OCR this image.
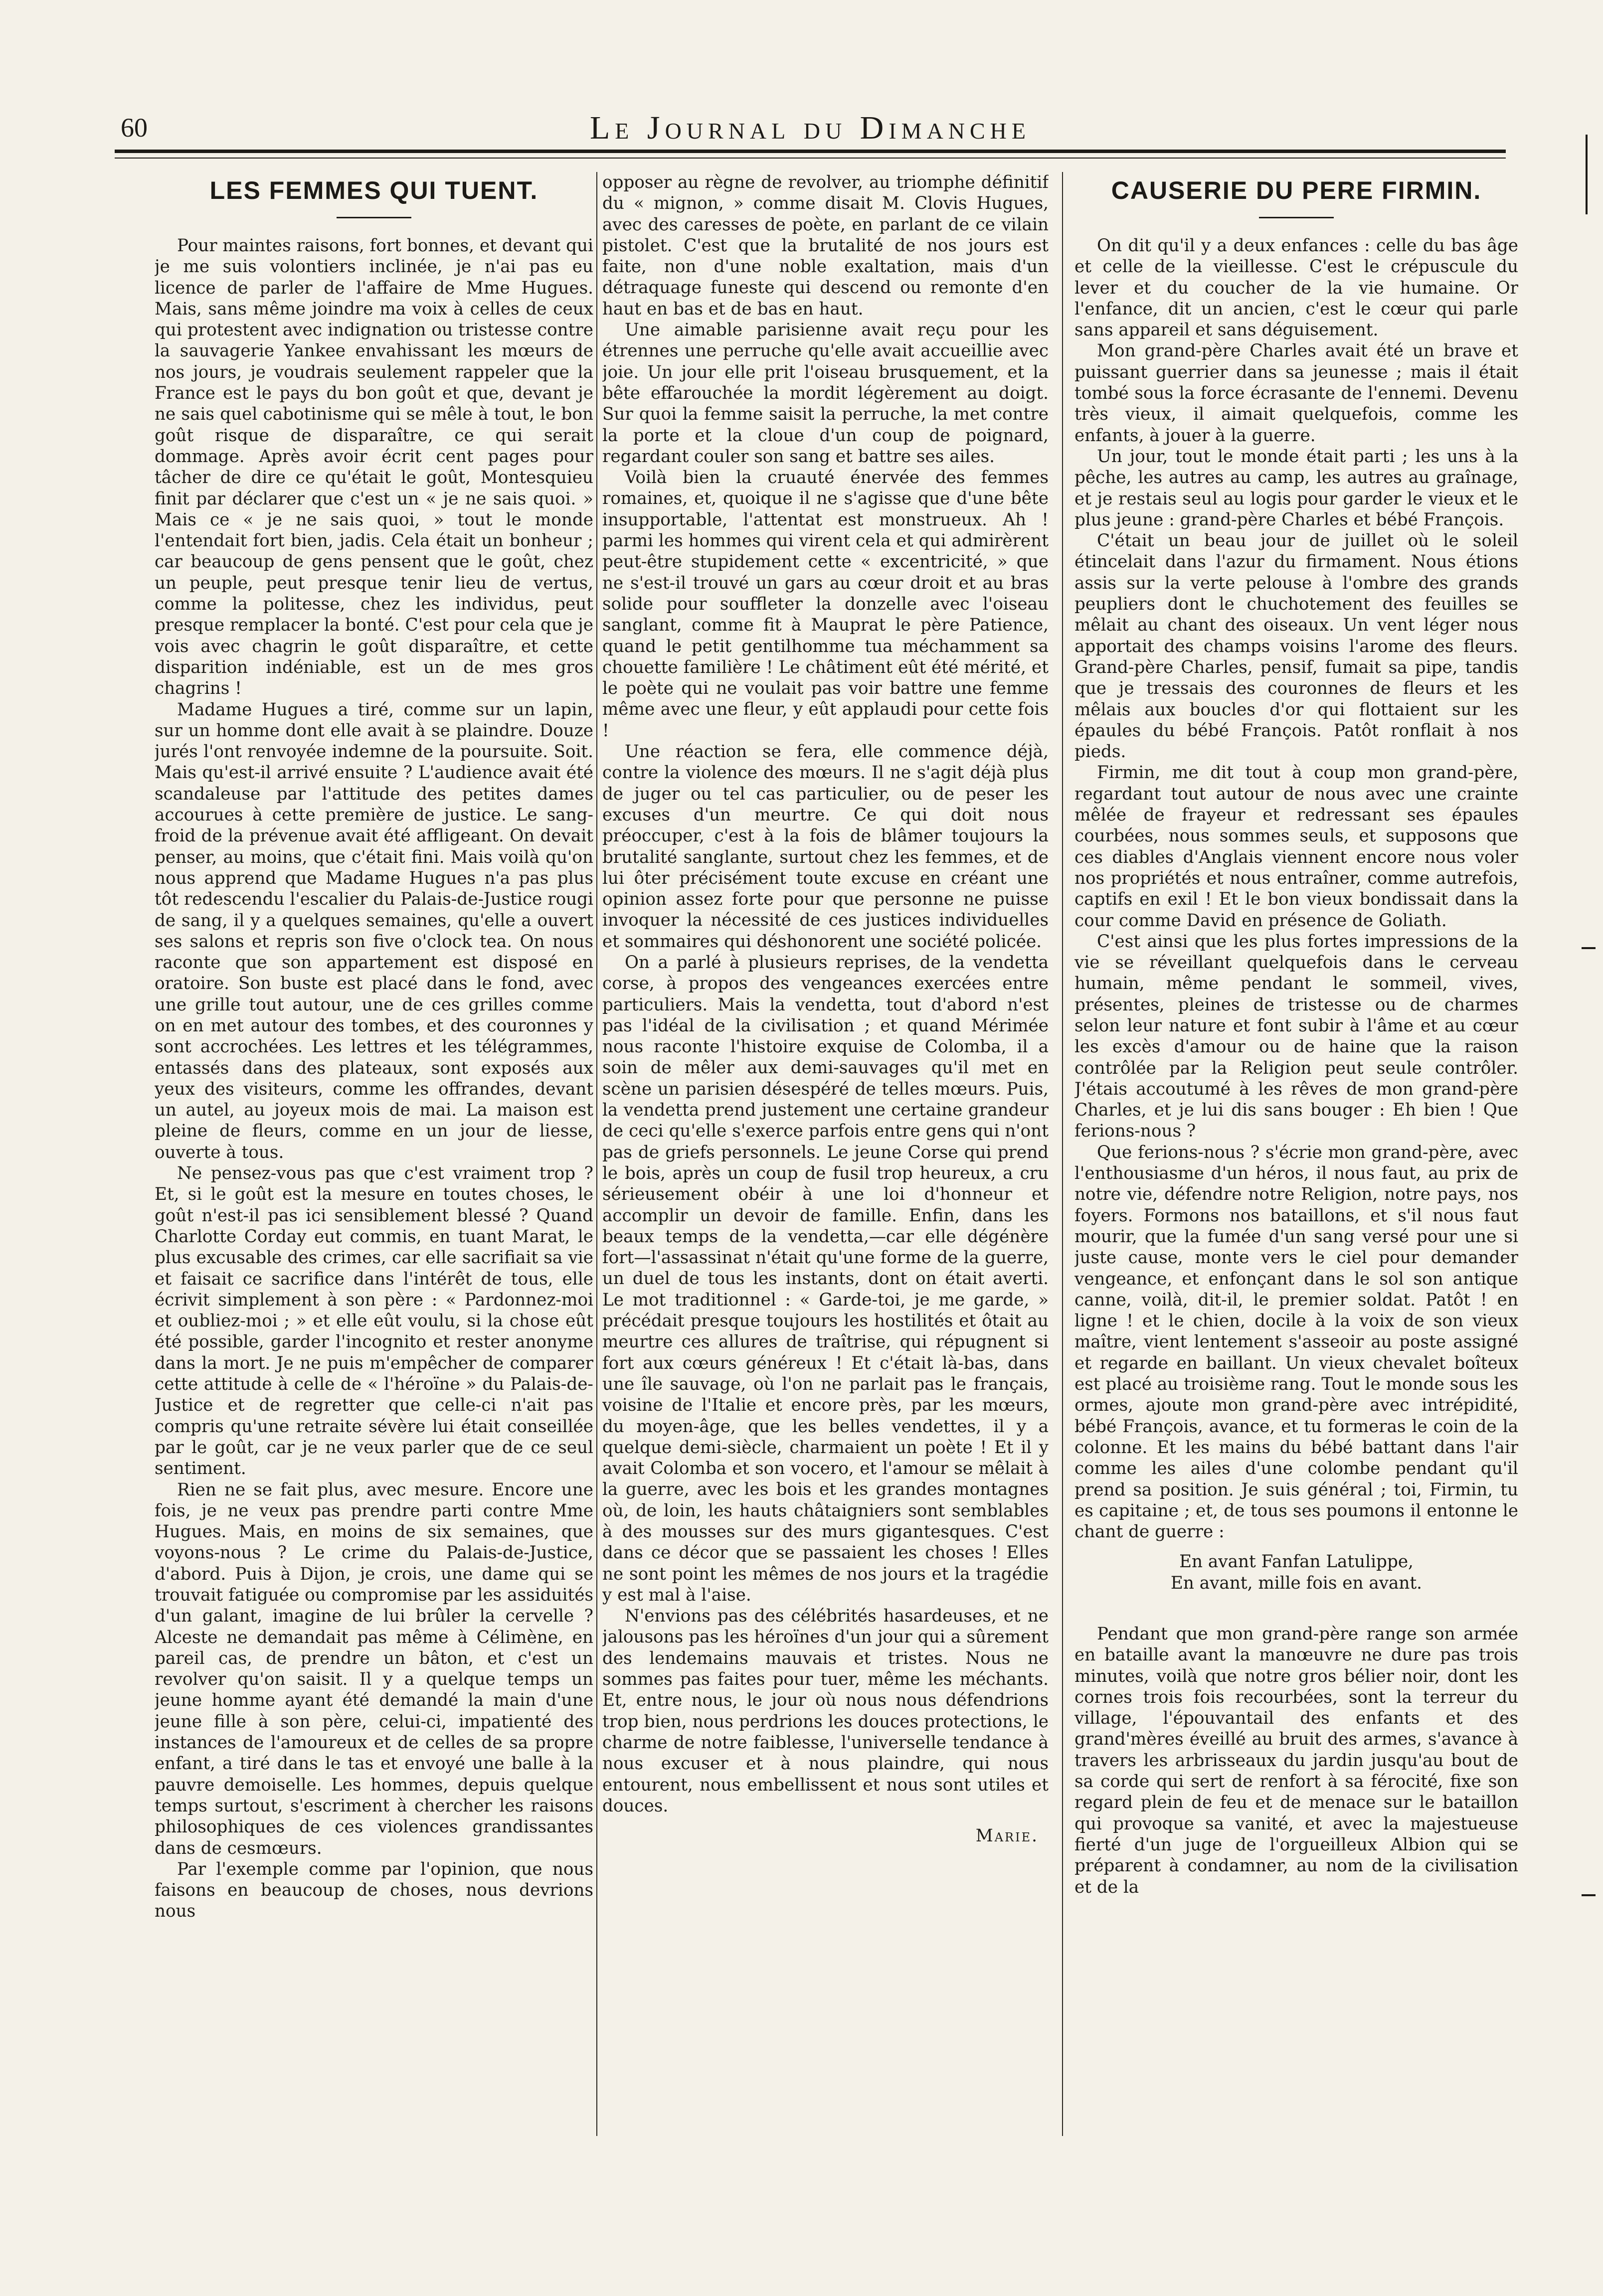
60	Le Journal du Dimanche
LES FEMMES QUI TUENT.

Pour maintes raisons, fort bonnes, et devant qui je me suis volontiers inclinée, je n'ai pas eu licence de parler de l'affaire de Mme Hugues. Mais, sans même joindre ma voix à celles de ceux qui protestent avec indignation ou tristesse contre la sauvagerie Yankee envahissant les mœurs de nos jours, je voudrais seulement rappeler que la France est le pays du bon goût et que, devant je ne sais quel cabotinisme qui se mêle à tout, le bon goût risque de disparaître, ce qui serait dommage. Après avoir écrit cent pages pour tâcher de dire ce qu'était le goût, Montesquieu finit par déclarer que c'est un « je ne sais quoi. » Mais ce « je ne sais quoi, » tout le monde l'entendait fort bien, jadis. Cela était un bonheur ; car beaucoup de gens pensent que le goût, chez un peuple, peut presque tenir lieu de vertus, comme la politesse, chez les individus, peut presque remplacer la bonté. C'est pour cela que je vois avec chagrin le goût disparaître, et cette disparition indéniable, est un de mes gros chagrins !

Madame Hugues a tiré, comme sur un lapin, sur un homme dont elle avait à se plaindre. Douze jurés l'ont renvoyée indemne de la poursuite. Soit. Mais qu'est-il arrivé ensuite ? L'audience avait été scandaleuse par l'attitude des petites dames accourues à cette première de justice. Le sang-froid de la prévenue avait été affligeant. On devait penser, au moins, que c'était fini. Mais voilà qu'on nous apprend que Madame Hugues n'a pas plus tôt redescendu l'escalier du Palais-de-Justice rougi de sang, il y a quelques semaines, qu'elle a ouvert ses salons et repris son five o'clock tea. On nous raconte que son appartement est disposé en oratoire. Son buste est placé dans le fond, avec une grille tout autour, une de ces grilles comme on en met autour des tombes, et des couronnes y sont accrochées. Les lettres et les télégrammes, entassés dans des plateaux, sont exposés aux yeux des visiteurs, comme les offrandes, devant un autel, au joyeux mois de mai. La maison est pleine de fleurs, comme en un jour de liesse, ouverte à tous.

Ne pensez-vous pas que c'est vraiment trop ? Et, si le goût est la mesure en toutes choses, le goût n'est-il pas ici sensiblement blessé ? Quand Charlotte Corday eut commis, en tuant Marat, le plus excusable des crimes, car elle sacrifiait sa vie et faisait ce sacrifice dans l'intérêt de tous, elle écrivit simplement à son père : « Pardonnez-moi et oubliez-moi ; » et elle eût voulu, si la chose eût été possible, garder l'incognito et rester anonyme dans la mort. Je ne puis m'empêcher de comparer cette attitude à celle de « l'héroïne » du Palais-de-Justice et de regretter que celle-ci n'ait pas compris qu'une retraite sévère lui était conseillée par le goût, car je ne veux parler que de ce seul sentiment.

Rien ne se fait plus, avec mesure. Encore une fois, je ne veux pas prendre parti contre Mme Hugues. Mais, en moins de six semaines, que voyons-nous ? Le crime du Palais-de-Justice, d'abord. Puis à Dijon, je crois, une dame qui se trouvait fatiguée ou compromise par les assiduités d'un galant, imagine de lui brûler la cervelle ? Alceste ne demandait pas même à Célimène, en pareil cas, de prendre un bâton, et c'est un revolver qu'on saisit. Il y a quelque temps un jeune homme ayant été demandé la main d'une jeune fille à son père, celui-ci, impatienté des instances de l'amoureux et de celles de sa propre enfant, a tiré dans le tas et envoyé une balle à la pauvre demoiselle. Les hommes, depuis quelque temps surtout, s'escriment à chercher les raisons philosophiques de ces violences grandissantes dans de cesmœurs.

Par l'exemple comme par l'opinion, que nous faisons en beaucoup de choses, nous devrions nous

opposer au règne de revolver, au triomphe définitif du « mignon, » comme disait M. Clovis Hugues, avec des caresses de poète, en parlant de ce vilain pistolet. C'est que la brutalité de nos jours est faite, non d'une noble exaltation, mais d'un détraquage funeste qui descend ou remonte d'en haut en bas et de bas en haut.

Une aimable parisienne avait reçu pour les étrennes une perruche qu'elle avait accueillie avec joie. Un jour elle prit l'oiseau brusquement, et la bête effarouchée la mordit légèrement au doigt. Sur quoi la femme saisit la perruche, la met contre la porte et la cloue d'un coup de poignard, regardant couler son sang et battre ses ailes.

Voilà bien la cruauté énervée des femmes romaines, et, quoique il ne s'agisse que d'une bête insupportable, l'attentat est monstrueux. Ah ! parmi les hommes qui virent cela et qui admirèrent peut-être stupidement cette « excentricité, » que ne s'est-il trouvé un gars au cœur droit et au bras solide pour souffleter la donzelle avec l'oiseau sanglant, comme fit à Mauprat le père Patience, quand le petit gentilhomme tua méchamment sa chouette familière ! Le châtiment eût été mérité, et le poète qui ne voulait pas voir battre une femme même avec une fleur, y eût applaudi pour cette fois !

Une réaction se fera, elle commence déjà, contre la violence des mœurs. Il ne s'agit déjà plus de juger ou tel cas particulier, ou de peser les excuses d'un meurtre. Ce qui doit nous préoccuper, c'est à la fois de blâmer toujours la brutalité sanglante, surtout chez les femmes, et de lui ôter précisément toute excuse en créant une opinion assez forte pour que personne ne puisse invoquer la nécessité de ces justices individuelles et sommaires qui déshonorent une société policée.

On a parlé à plusieurs reprises, de la vendetta corse, à propos des vengeances exercées entre particuliers. Mais la vendetta, tout d'abord n'est pas l'idéal de la civilisation ; et quand Mérimée nous raconte l'histoire exquise de Colomba, il a soin de mêler aux demi-sauvages qu'il met en scène un parisien désespéré de telles mœurs. Puis, la vendetta prend justement une certaine grandeur de ceci qu'elle s'exerce parfois entre gens qui n'ont pas de griefs personnels. Le jeune Corse qui prend le bois, après un coup de fusil trop heureux, a cru sérieusement obéir à une loi d'honneur et accomplir un devoir de famille. Enfin, dans les beaux temps de la vendetta,—car elle dégénère fort—l'assassinat n'était qu'une forme de la guerre, un duel de tous les instants, dont on était averti. Le mot traditionnel : « Garde-toi, je me garde, » précédait presque toujours les hostilités et ôtait au meurtre ces allures de traîtrise, qui répugnent si fort aux cœurs généreux ! Et c'était là-bas, dans une île sauvage, où l'on ne parlait pas le français, voisine de l'Italie et encore près, par les mœurs, du moyen-âge, que les belles vendettes, il y a quelque demi-siècle, charmaient un poète ! Et il y avait Colomba et son vocero, et l'amour se mêlait à la guerre, avec les bois et les grandes montagnes où, de loin, les hauts châtaigniers sont semblables à des mousses sur des murs gigantesques. C'est dans ce décor que se passaient les choses ! Elles ne sont point les mêmes de nos jours et la tragédie y est mal à l'aise.

N'envions pas des célébrités hasardeuses, et ne jalousons pas les héroïnes d'un jour qui a sûrement des lendemains mauvais et tristes. Nous ne sommes pas faites pour tuer, même les méchants. Et, entre nous, le jour où nous nous défendrions trop bien, nous perdrions les douces protections, le charme de notre faiblesse, l'universelle tendance à nous excuser et à nous plaindre, qui nous entourent, nous embellissent et nous sont utiles et douces.

Marie.
CAUSERIE DU PERE FIRMIN.

On dit qu'il y a deux enfances : celle du bas âge et celle de la vieillesse. C'est le crépuscule du lever et du coucher de la vie humaine. Or l'enfance, dit un ancien, c'est le cœur qui parle sans appareil et sans déguisement.

Mon grand-père Charles avait été un brave et puissant guerrier dans sa jeunesse ; mais il était tombé sous la force écrasante de l'ennemi. Devenu très vieux, il aimait quelquefois, comme les enfants, à jouer à la guerre.

Un jour, tout le monde était parti ; les uns à la pêche, les autres au camp, les autres au graînage, et je restais seul au logis pour garder le vieux et le plus jeune : grand-père Charles et bébé François.

C'était un beau jour de juillet où le soleil étincelait dans l'azur du firmament. Nous étions assis sur la verte pelouse à l'ombre des grands peupliers dont le chuchotement des feuilles se mêlait au chant des oiseaux. Un vent léger nous apportait des champs voisins l'arome des fleurs. Grand-père Charles, pensif, fumait sa pipe, tandis que je tressais des couronnes de fleurs et les mêlais aux boucles d'or qui flottaient sur les épaules du bébé François. Patôt ronflait à nos pieds.

Firmin, me dit tout à coup mon grand-père, regardant tout autour de nous avec une crainte mêlée de frayeur et redressant ses épaules courbées, nous sommes seuls, et supposons que ces diables d'Anglais viennent encore nous voler nos propriétés et nous entraîner, comme autrefois, captifs en exil ! Et le bon vieux bondissait dans la cour comme David en présence de Goliath.

C'est ainsi que les plus fortes impressions de la vie se réveillant quelquefois dans le cerveau humain, même pendant le sommeil, vives, présentes, pleines de tristesse ou de charmes selon leur nature et font subir à l'âme et au cœur les excès d'amour ou de haine que la raison contrôlée par la Religion peut seule contrôler. J'étais accoutumé à les rêves de mon grand-père Charles, et je lui dis sans bouger : Eh bien ! Que ferions-nous ?

Que ferions-nous ? s'écrie mon grand-père, avec l'enthousiasme d'un héros, il nous faut, au prix de notre vie, défendre notre Religion, notre pays, nos foyers. Formons nos bataillons, et s'il nous faut mourir, que la fumée d'un sang versé pour une si juste cause, monte vers le ciel pour demander vengeance, et enfonçant dans le sol son antique canne, voilà, dit-il, le premier soldat. Patôt ! en ligne ! et le chien, docile à la voix de son vieux maître, vient lentement s'asseoir au poste assigné et regarde en baillant. Un vieux chevalet boîteux est placé au troisième rang. Tout le monde sous les ormes, ajoute mon grand-père avec intrépidité, bébé François, avance, et tu formeras le coin de la colonne. Et les mains du bébé battant dans l'air comme les ailes d'une colombe pendant qu'il prend sa position. Je suis général ; toi, Firmin, tu es capitaine ; et, de tous ses poumons il entonne le chant de guerre :

En avant Fanfan Latulippe,
En avant, mille fois en avant.

Pendant que mon grand-père range son armée en bataille avant la manœuvre ne dure pas trois minutes, voilà que notre gros bélier noir, dont les cornes trois fois recourbées, sont la terreur du village, l'épouvantail des enfants et des grand'mères éveillé au bruit des armes, s'avance à travers les arbrisseaux du jardin jusqu'au bout de sa corde qui sert de renfort à sa férocité, fixe son regard plein de feu et de menace sur le bataillon qui provoque sa vanité, et avec la majestueuse fierté d'un juge de l'orgueilleux Albion qui se préparent à condamner, au nom de la civilisation et de la
